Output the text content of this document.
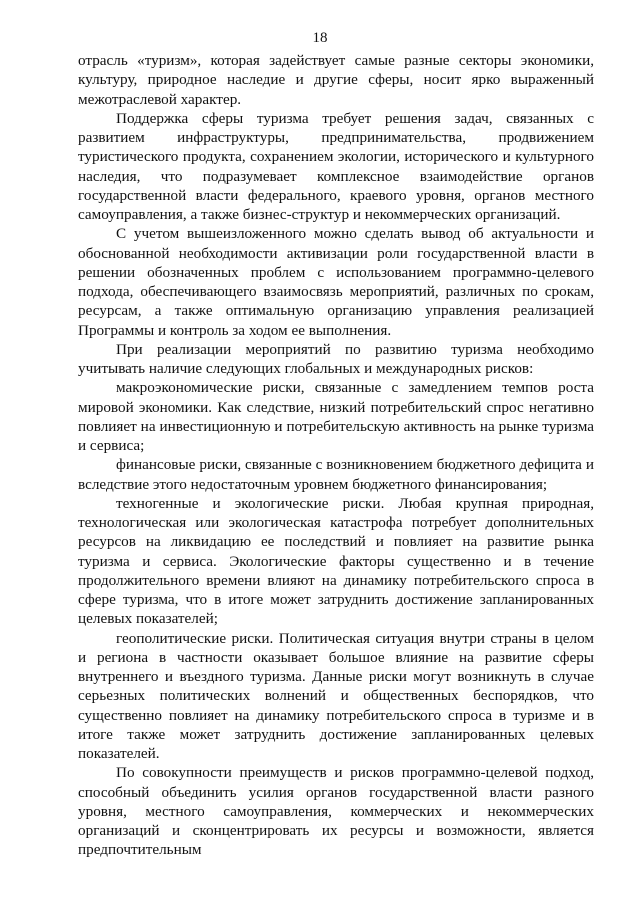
18

отрасль «туризм», которая задействует самые разные секторы экономики, культуру, природное наследие и другие сферы, носит ярко выраженный межотраслевой характер.

Поддержка сферы туризма требует решения задач, связанных с развитием инфраструктуры, предпринимательства, продвижением туристического продукта, сохранением экологии, исторического и культурного наследия, что подразумевает комплексное взаимодействие органов государственной власти федерального, краевого уровня, органов местного самоуправления, а также бизнес-структур и некоммерческих организаций.

С учетом вышеизложенного можно сделать вывод об актуальности и обоснованной необходимости активизации роли государственной власти в решении обозначенных проблем с использованием программно-целевого подхода, обеспечивающего взаимосвязь мероприятий, различных по срокам, ресурсам, а также оптимальную организацию управления реализацией Программы и контроль за ходом ее выполнения.

При реализации мероприятий по развитию туризма необходимо учитывать наличие следующих глобальных и международных рисков:

макроэкономические риски, связанные с замедлением темпов роста мировой экономики. Как следствие, низкий потребительский спрос негативно повлияет на инвестиционную и потребительскую активность на рынке туризма и сервиса;

финансовые риски, связанные с возникновением бюджетного дефицита и вследствие этого недостаточным уровнем бюджетного финансирования;

техногенные и экологические риски. Любая крупная природная, технологическая или экологическая катастрофа потребует дополнительных ресурсов на ликвидацию ее последствий и повлияет на развитие рынка туризма и сервиса. Экологические факторы существенно и в течение продолжительного времени влияют на динамику потребительского спроса в сфере туризма, что в итоге может затруднить достижение запланированных целевых показателей;

геополитические риски. Политическая ситуация внутри страны в целом и региона в частности оказывает большое влияние на развитие сферы внутреннего и въездного туризма. Данные риски могут возникнуть в случае серьезных политических волнений и общественных беспорядков, что существенно повлияет на динамику потребительского спроса в туризме и в итоге также может затруднить достижение запланированных целевых показателей.

По совокупности преимуществ и рисков программно-целевой подход, способный объединить усилия органов государственной власти разного уровня, местного самоуправления, коммерческих и некоммерческих организаций и сконцентрировать их ресурсы и возможности, является предпочтительным
